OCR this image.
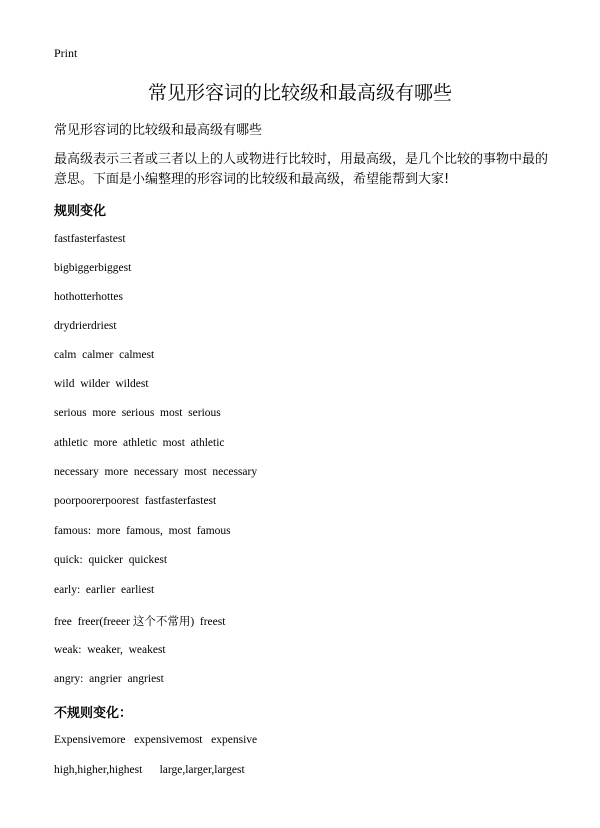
Print
常见形容词的比较级和最高级有哪些
常见形容词的比较级和最高级有哪些

最高级表示三者或三者以上的人或物进行比较时，用最高级，是几个比较的事物中最的意思。下面是小编整理的形容词的比较级和最高级，希望能帮到大家!

规则变化
fastfasterfastest
bigbiggerbiggest
hothotterhottes
drydrierdriest
calm  calmer  calmest
wild  wilder  wildest
serious  more  serious  most  serious
athletic  more  athletic  most  athletic
necessary  more  necessary  most  necessary
poorpoorerpoorest  fastfasterfastest
famous:  more  famous,  most  famous
quick:  quicker  quickest
early:  earlier  earliest
free  freer(freeer 这个不常用)  freest
weak:  weaker,  weakest
angry:  angrier  angriest
不规则变化：
Expensivemore   expensivemost   expensive
high,higher,highest      large,larger,largest
